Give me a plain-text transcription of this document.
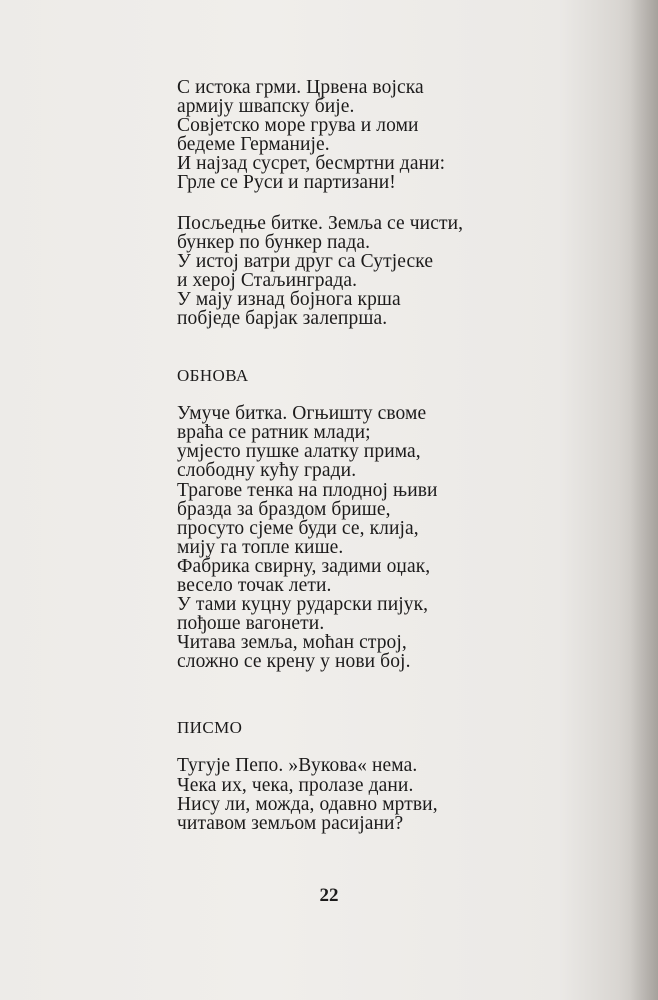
С истока грми. Црвена војска
армију швапску бије.
Совјетско море грува и ломи
бедеме Германије.
И најзад сусрет, бесмртни дани:
Грле се Руси и партизани!
Посљедње битке. Земља се чисти,
бункер по бункер пада.
У истој ватри друг са Сутјеске
и херој Стаљинграда.
У мају изнад бојнога крша
побједе барјак залепрша.
ОБНОВА
Умуче битка. Огњишту своме
враћа се ратник млади;
умјесто пушке алатку прима,
слободну кућу гради.
Трагове тенка на плодној њиви
бразда за браздом брише,
просуто сјеме буди се, клија,
мију га топле кише.
Фабрика свирну, задими оџак,
весело точак лети.
У тами куцну рударски пијук,
пођоше вагонети.
Читава земља, моћан строј,
сложно се крену у нови бој.
ПИСМО
Тугује Пепо. »Вукова« нема.
Чека их, чека, пролазе дани.
Нису ли, можда, одавно мртви,
читавом земљом расијани?
22
